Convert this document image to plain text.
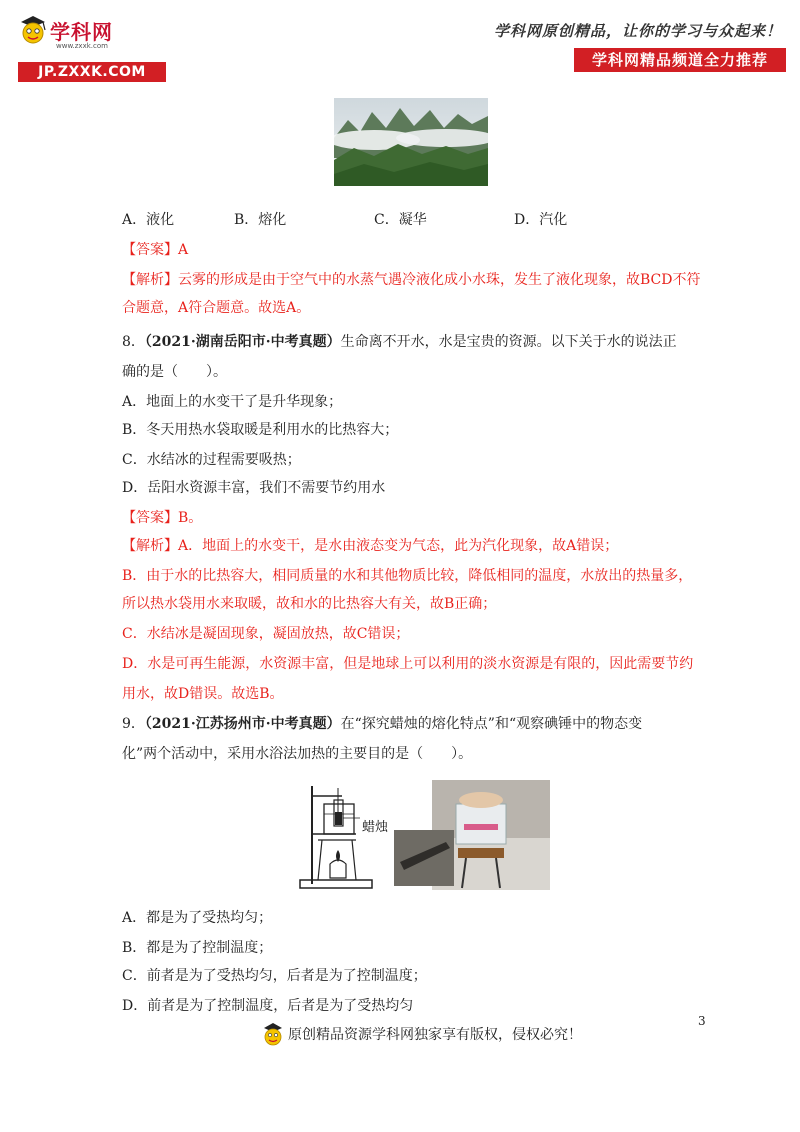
学科网
www.zxxk.com
JP.ZXXK.COM
学科网原创精品，让你的学习与众起来！
学科网精品频道全力推荐
A．液化	B．熔化	C．凝华	D．汽化
【答案】A
【解析】云雾的形成是由于空气中的水蒸气遇冷液化成小水珠，发生了液化现象，故BCD不符
合题意，A符合题意。故选A。
8．（2021·湖南岳阳市·中考真题）生命离不开水，水是宝贵的资源。以下关于水的说法正
确的是（　　）。
A．地面上的水变干了是升华现象；
B．冬天用热水袋取暖是利用水的比热容大；
C．水结冰的过程需要吸热；
D．岳阳水资源丰富，我们不需要节约用水
【答案】B。
【解析】A．地面上的水变干，是水由液态变为气态，此为汽化现象，故A错误；
B．由于水的比热容大，相同质量的水和其他物质比较，降低相同的温度，水放出的热量多，
所以热水袋用水来取暖，故和水的比热容大有关，故B正确；
C．水结冰是凝固现象，凝固放热，故C错误；
D．水是可再生能源，水资源丰富，但是地球上可以利用的淡水资源是有限的，因此需要节约
用水，故D错误。故选B。
9．（2021·江苏扬州市·中考真题）在“探究蜡烛的熔化特点”和“观察碘锤中的物态变
化”两个活动中，采用水浴法加热的主要目的是（　　）。
蜡烛
A．都是为了受热均匀；
B．都是为了控制温度；
C．前者是为了受热均匀，后者是为了控制温度；
D．前者是为了控制温度，后者是为了受热均匀
3
原创精品资源学科网独家享有版权，侵权必究！
